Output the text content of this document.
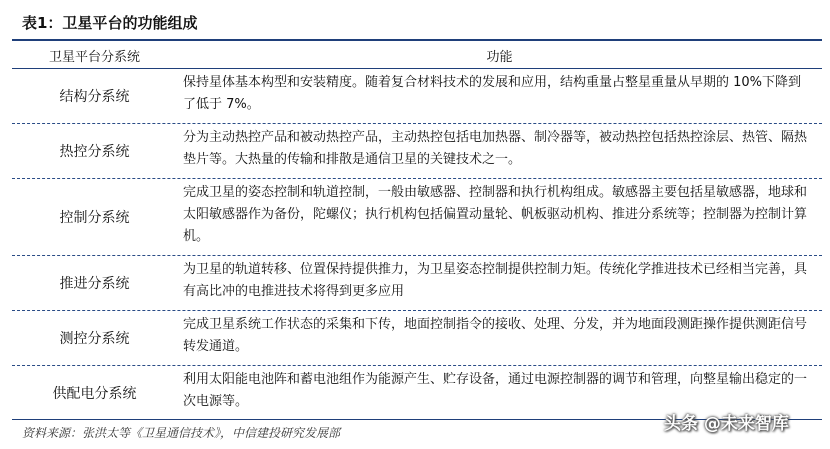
表1：卫星平台的功能组成
卫星平台分系统	功能
结构分系统
保持星体基本构型和安装精度。随着复合材料技术的发展和应用，结构重量占整星重量从早期的 10%下降到了低于 7%。
热控分系统
分为主动热控产品和被动热控产品，主动热控包括电加热器、制冷器等，被动热控包括热控涂层、热管、隔热垫片等。大热量的传输和排散是通信卫星的关键技术之一。
控制分系统
完成卫星的姿态控制和轨道控制，一般由敏感器、控制器和执行机构组成。敏感器主要包括星敏感器，地球和太阳敏感器作为备份，陀螺仪；执行机构包括偏置动量轮、帆板驱动机构、推进分系统等；控制器为控制计算机。
推进分系统
为卫星的轨道转移、位置保持提供推力，为卫星姿态控制提供控制力矩。传统化学推进技术已经相当完善，具有高比冲的电推进技术将得到更多应用
测控分系统
完成卫星系统工作状态的采集和下传，地面控制指令的接收、处理、分发，并为地面段测距操作提供测距信号转发通道。
供配电分系统
利用太阳能电池阵和蓄电池组作为能源产生、贮存设备，通过电源控制器的调节和管理，向整星输出稳定的一次电源等。
资料来源：张洪太等《卫星通信技术》，中信建投研究发展部	头条 @未来智库
